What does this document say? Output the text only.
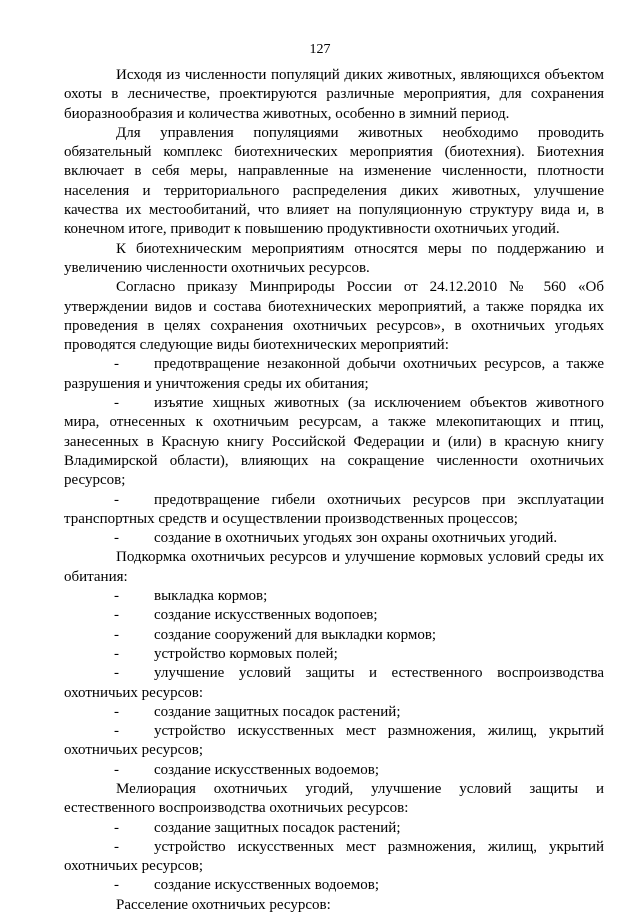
127

Исходя из численности популяций диких животных, являющихся объектом охоты в лесничестве, проектируются различные мероприятия, для сохранения биоразнообразия и количества животных, особенно в зимний период.

Для управления популяциями животных необходимо проводить обязательный комплекс биотехнических мероприятия (биотехния). Биотехния включает в себя меры, направленные на изменение численности, плотности населения и территориального распределения диких животных, улучшение качества их местообитаний, что влияет на популяционную структуру вида и, в конечном итоге, приводит к повышению продуктивности охотничьих угодий.

К биотехническим мероприятиям относятся меры по поддержанию и увеличению численности охотничьих ресурсов.

Согласно приказу Минприроды России от 24.12.2010 № 560 «Об утверждении видов и состава биотехнических мероприятий, а также порядка их проведения в целях сохранения охотничьих ресурсов», в охотничьих угодьях проводятся следующие виды биотехнических мероприятий:

-предотвращение незаконной добычи охотничьих ресурсов, а также разрушения и уничтожения среды их обитания;

-изъятие хищных животных (за исключением объектов животного мира, отнесенных к охотничьим ресурсам, а также млекопитающих и птиц, занесенных в Красную книгу Российской Федерации и (или) в красную книгу Владимирской области), влияющих на сокращение численности охотничьих ресурсов;

-предотвращение гибели охотничьих ресурсов при эксплуатации транспортных средств и осуществлении производственных процессов;

-создание в охотничьих угодьях зон охраны охотничьих угодий.

Подкормка охотничьих ресурсов и улучшение кормовых условий среды их обитания:

-выкладка кормов;

-создание искусственных водопоев;

-создание сооружений для выкладки кормов;

-устройство кормовых полей;

-улучшение условий защиты и естественного воспроизводства охотничьих ресурсов:

-создание защитных посадок растений;

-устройство искусственных мест размножения, жилищ, укрытий охотничьих ресурсов;

-создание искусственных водоемов;

Мелиорация охотничьих угодий, улучшение условий защиты и естественного воспроизводства охотничьих ресурсов:

-создание защитных посадок растений;

-устройство искусственных мест размножения, жилищ, укрытий охотничьих ресурсов;

-создание искусственных водоемов;

Расселение охотничьих ресурсов:
